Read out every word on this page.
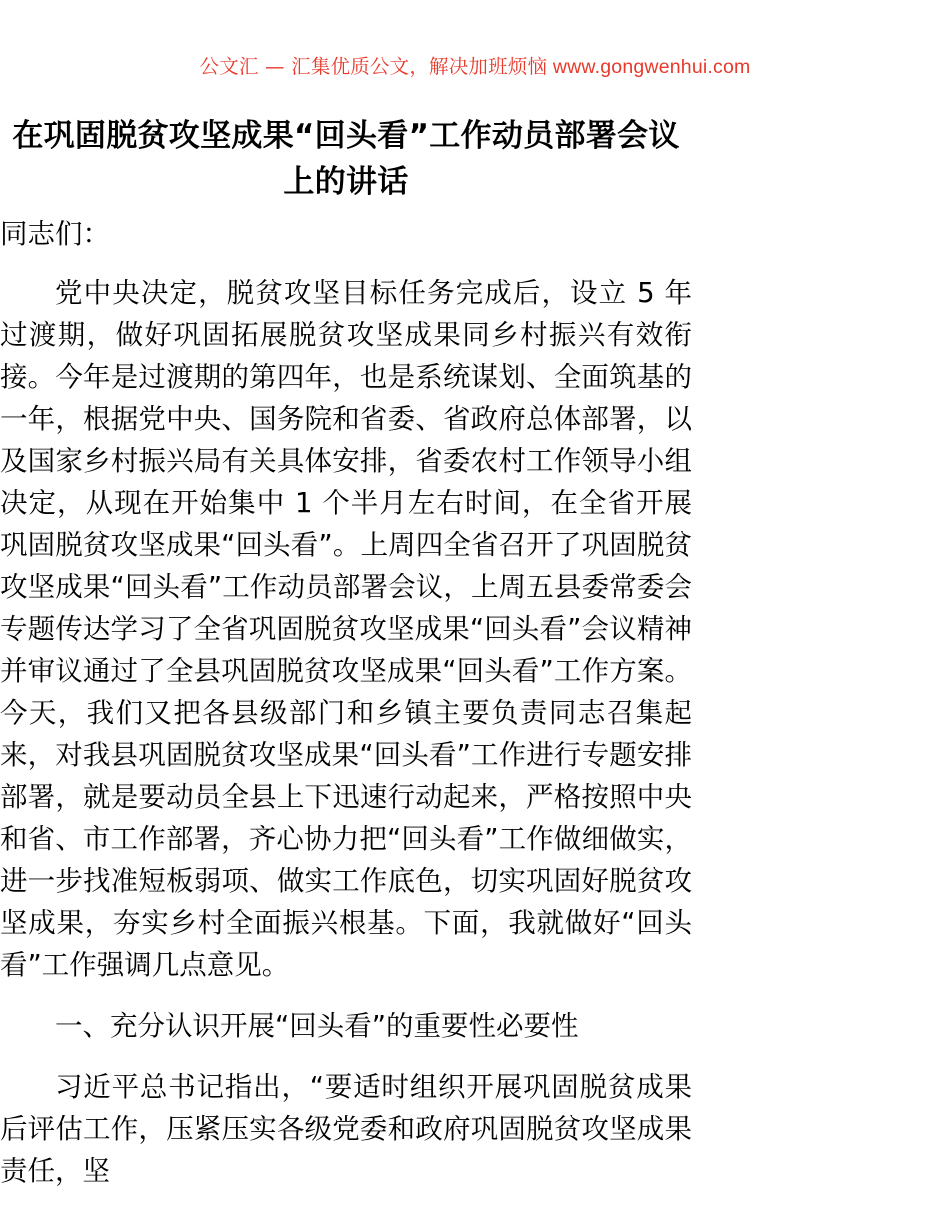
公文汇 — 汇集优质公文，解决加班烦恼 www.gongwenhui.com
在巩固脱贫攻坚成果“回头看”工作动员部署会议上的讲话

同志们：

党中央决定，脱贫攻坚目标任务完成后，设立 5 年过渡期，做好巩固拓展脱贫攻坚成果同乡村振兴有效衔接。今年是过渡期的第四年，也是系统谋划、全面筑基的一年，根据党中央、国务院和省委、省政府总体部署，以及国家乡村振兴局有关具体安排，省委农村工作领导小组决定，从现在开始集中 1 个半月左右时间，在全省开展巩固脱贫攻坚成果“回头看”。上周四全省召开了巩固脱贫攻坚成果“回头看”工作动员部署会议，上周五县委常委会专题传达学习了全省巩固脱贫攻坚成果“回头看”会议精神并审议通过了全县巩固脱贫攻坚成果“回头看”工作方案。今天，我们又把各县级部门和乡镇主要负责同志召集起来，对我县巩固脱贫攻坚成果“回头看”工作进行专题安排部署，就是要动员全县上下迅速行动起来，严格按照中央和省、市工作部署，齐心协力把“回头看”工作做细做实，进一步找准短板弱项、做实工作底色，切实巩固好脱贫攻坚成果，夯实乡村全面振兴根基。下面，我就做好“回头看”工作强调几点意见。

一、充分认识开展“回头看”的重要性必要性

习近平总书记指出，“要适时组织开展巩固脱贫成果后评估工作，压紧压实各级党委和政府巩固脱贫攻坚成果责任，坚
